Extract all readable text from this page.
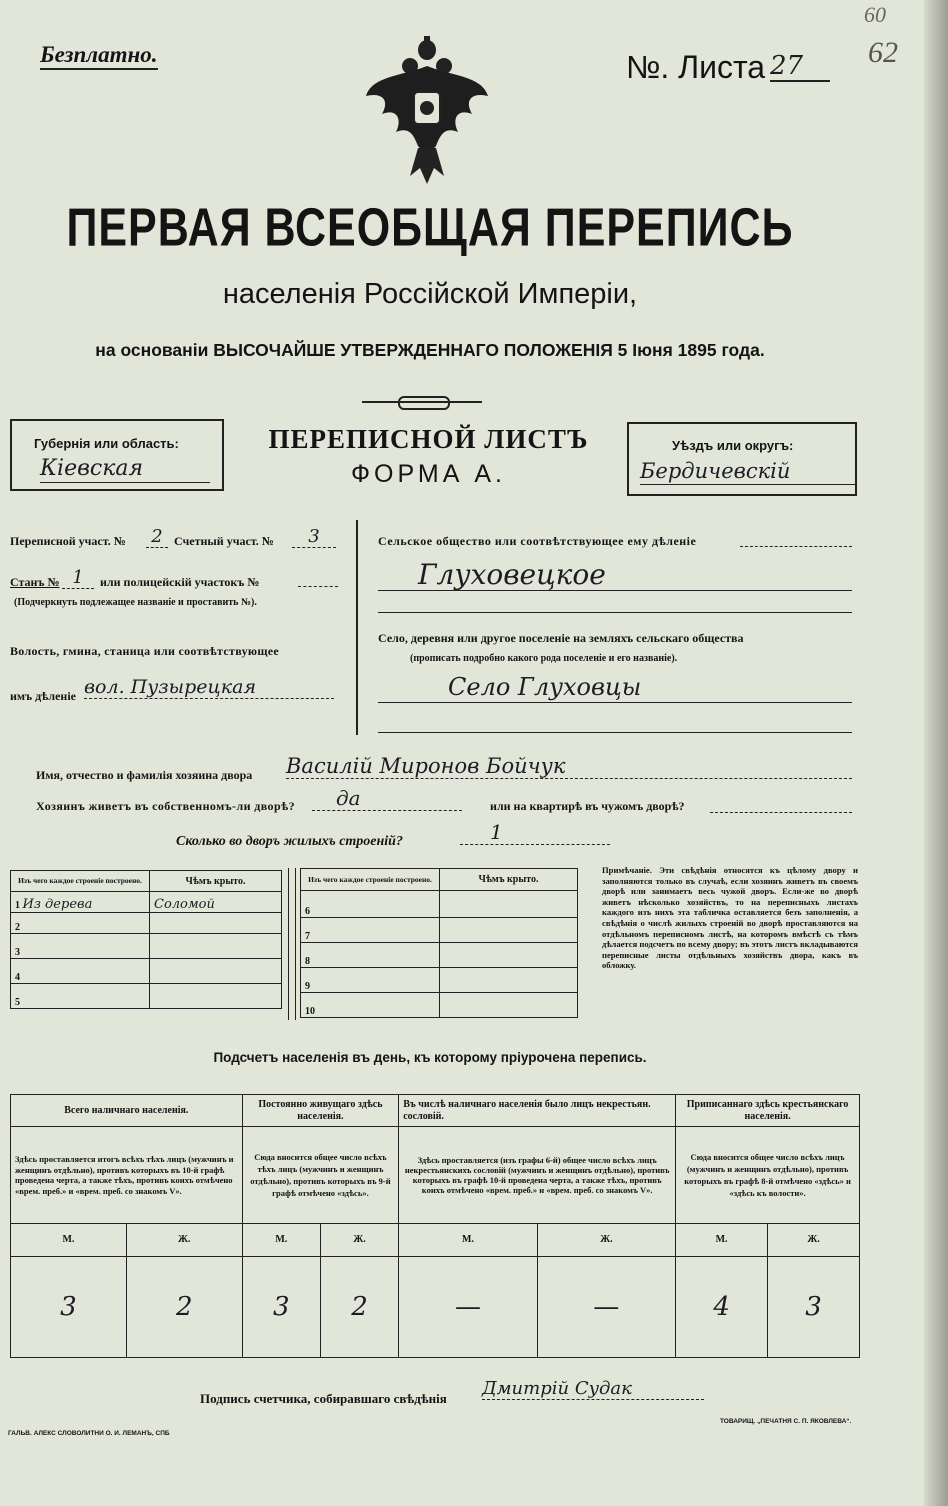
Безплатно.
60
62
№. Листа 27
ПЕРВАЯ ВСЕОБЩАЯ ПЕРЕПИСЬ
населенія Россійской Имперіи,
на основаніи ВЫСОЧАЙШЕ УТВЕРЖДЕННАГО ПОЛОЖЕНІЯ 5 Іюня 1895 года.
Губернія или область:
Кіевская
ПЕРЕПИСНОЙ ЛИСТЪ
ФОРМА А.
Уѣздъ или округъ:
Бердичевскій
Переписной участ. № 2 Счетный участ. №	3
Станъ № 1	или полицейскій участокъ №
(Подчеркнуть подлежащее названіе и проставить №).
Волость, гмина, станица или соотвѣтствующее
имъ дѣленіе вол. Пузырецкая
Сельское общество или соотвѣтствующее ему дѣленіе
Глуховецкое
Село, деревня или другое поселеніе на земляхъ сельскаго общества
(прописать подробно какого рода поселеніе и его названіе).
Село Глуховцы
Имя, отчество и фамилія хозяина двора Василій Миронов Бойчук
Хозяинъ живетъ въ собственномъ-ли дворѣ?	да	или на квартирѣ въ чужомъ дворѣ?
Сколько во дворъ жилыхъ строеній?	1
Изъ чего каждое строеніе построено.	Чѣмъ крыто.
1 Из дерева	Соломой
2	
3	
4	
5	
Изъ чего каждое строеніе построено.	Чѣмъ крыто.
6	
7	
8	
9	
10	
Примѣчаніе. Эти свѣдѣнія относятся къ цѣлому двору и заполняются только въ случаѣ, если хозяинъ живетъ въ своемъ дворѣ или занимаетъ весь чужой дворъ. Если-же во дворѣ живетъ нѣсколько хозяйствъ, то на переписныхъ листахъ каждого изъ нихъ эта табличка оставляется безъ заполненія, а свѣдѣнія о числѣ жилыхъ строеній во дворѣ проставляются на отдѣльномъ переписномъ листѣ, на которомъ вмѣстѣ съ тѣмъ дѣлается подсчетъ по всему двору; въ этотъ листъ вкладываются переписные листы отдѣльныхъ хозяйствъ двора, какъ въ обложку.
Подсчетъ населенія въ день, къ которому пріурочена перепись.
Всего наличнаго населенія.		Постоянно живущаго здѣсь населенія.		Въ числѣ наличнаго населенія было лицъ некрестьян. сословій.		Приписаннаго здѣсь крестьянскаго населенія.	
Здѣсь проставляется итогъ всѣхъ тѣхъ лицъ (мужчинъ и женщинъ отдѣльно), противъ которыхъ въ 10-й графѣ проведена черта, а также тѣхъ, противъ коихъ отмѣчено «врем. преб.» и «врем. преб. со знакомъ V».		Сюда вносится общее число всѣхъ тѣхъ лицъ (мужчинъ и женщинъ отдѣльно), противъ которыхъ въ 9-й графѣ отмѣчено «здѣсь».		Здѣсь проставляется (изъ графы 6-й) общее число всѣхъ лицъ некрестьянскихъ сословій (мужчинъ и женщинъ отдѣльно), противъ которыхъ въ графѣ 10-й проведена черта, а также тѣхъ, противъ коихъ отмѣчено «врем. преб.» и «врем. преб. со знакомъ V».		Сюда вносится общее число всѣхъ лицъ (мужчинъ и женщинъ отдѣльно), противъ которыхъ въ графѣ 8-й отмѣчено «здѣсь» и «здѣсь къ волости».	
М.	Ж.	М.	Ж.	М.	Ж.	М.	Ж.
3	2	3	2	—	—	4	3
Подпись счетчика, собиравшаго свѣдѣнія Дмитрій Судак
ГАЛЬВ. АЛЕКС СЛОВОЛИТНИ О. И. ЛЕМАНЪ, СПБ
ТОВАРИЩ. „ПЕЧАТНЯ С. П. ЯКОВЛЕВА“.
